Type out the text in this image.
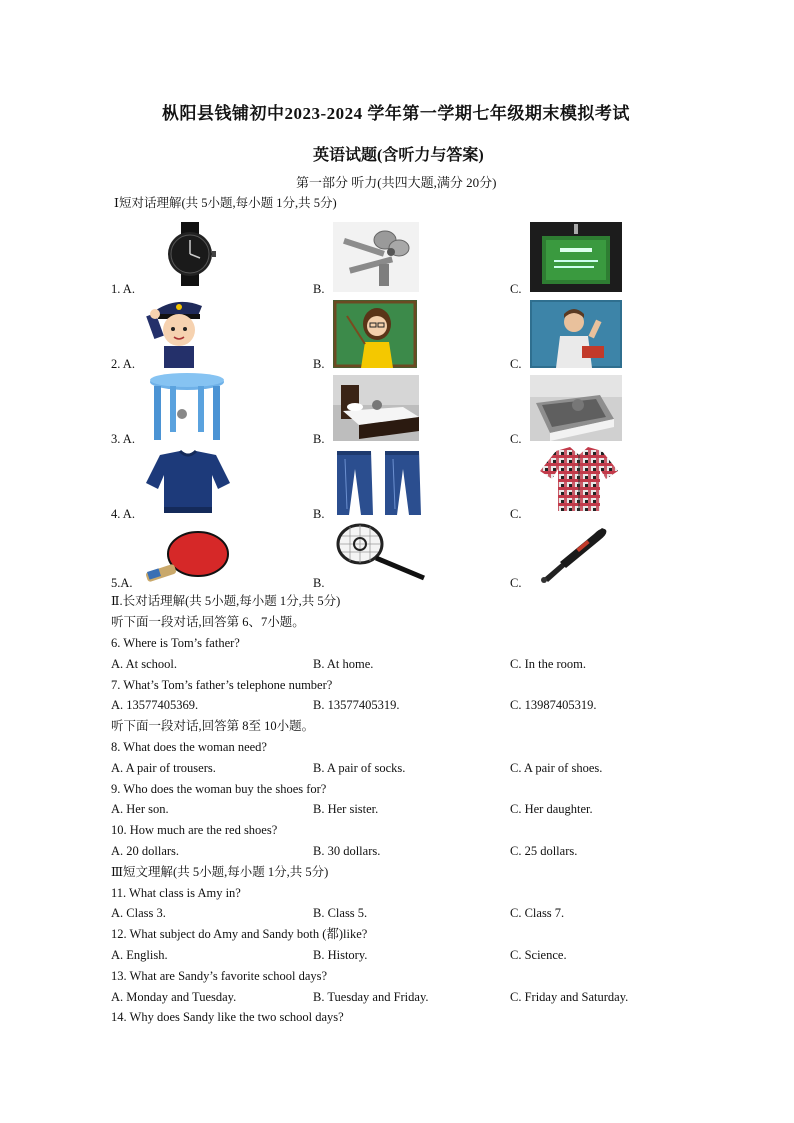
枞阳县钱铺初中2023-2024 学年第一学期七年级期末模拟考试
英语试题(含听力与答案)
第一部分 听力(共四大题,满分 20分)
Ⅰ短对话理解(共 5小题,每小题 1分,共 5分)
1. A.	B.	C.
2. A.	B.	C.
3. A.	B.	C.
4. A.	B.	C.
5.A.	B.	C.
Ⅱ.长对话理解(共 5小题,每小题 1分,共 5分)
听下面一段对话,回答第 6、7小题。
6. Where is Tom’s father?
A. At school.	B. At home.	C. In the room.
7. What’s Tom’s father’s telephone number?
A. 13577405369.	B. 13577405319.	C. 13987405319.
听下面一段对话,回答第 8至 10小题。
8. What does the woman need?
A. A pair of trousers.	B. A pair of socks.	C. A pair of shoes.
9. Who does the woman buy the shoes for?
A. Her son.	B. Her sister.	C. Her daughter.
10. How much are the red shoes?
A. 20 dollars.	B. 30 dollars.	C. 25 dollars.
Ⅲ短文理解(共 5小题,每小题 1分,共 5分)
11. What class is Amy in?
A. Class 3.	B. Class 5.	C. Class 7.
12. What subject do Amy and Sandy both (都)like?
A. English.	B. History.	C. Science.
13. What are Sandy’s favorite school days?
A. Monday and Tuesday.	B. Tuesday and Friday.	C. Friday and Saturday.
14. Why does Sandy like the two school days?
